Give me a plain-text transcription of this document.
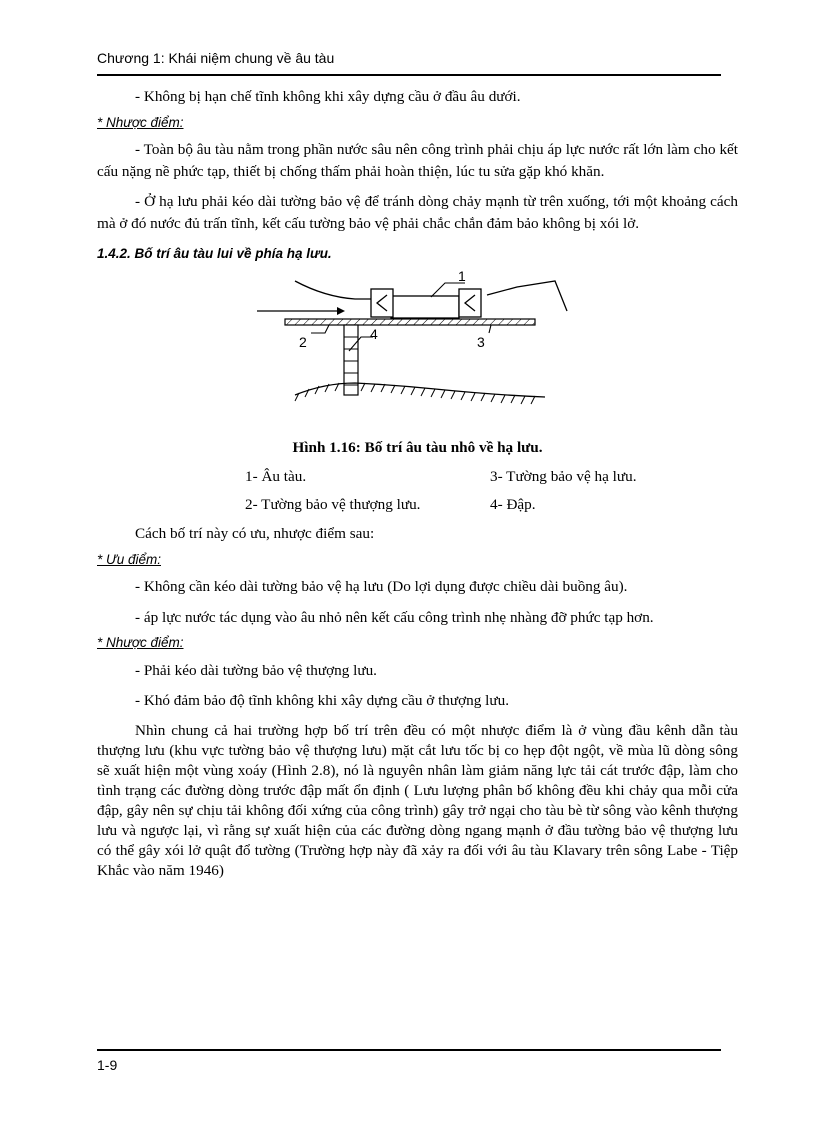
Chương 1: Khái niệm chung về âu tàu

- Không bị hạn chế tĩnh không khi xây dựng cầu ở đầu âu dưới.

* Nhược điểm:

- Toàn bộ âu tàu nằm trong phần nước sâu nên công trình phải chịu áp lực nước rất lớn làm cho kết cấu nặng nề phức tạp, thiết bị chống thấm phải hoàn thiện, lúc tu sửa gặp khó khăn.

- Ở hạ lưu phải kéo dài tường bảo vệ để tránh dòng chảy mạnh từ trên xuống, tới một khoảng cách mà ở đó nước đủ trấn tĩnh, kết cấu tường bảo vệ phải chắc chắn đảm bảo không bị xói lở.

1.4.2. Bố trí âu tàu lui về phía hạ lưu.
1
2	3
4
Hình 1.16: Bố trí âu tàu nhô về hạ lưu.
1- Âu tàu.	3- Tường bảo vệ hạ lưu.
2- Tường bảo vệ thượng lưu.	4- Đập.

Cách bố trí này có ưu, nhược điểm sau:

* Ưu điểm:

- Không cần kéo dài tường bảo vệ hạ lưu (Do lợi dụng được chiều dài buồng âu).

- áp lực nước tác dụng vào âu nhỏ nên kết cấu công trình nhẹ nhàng đỡ phức tạp hơn.

* Nhược điểm:

- Phải kéo dài tường bảo vệ thượng lưu.

- Khó đảm bảo độ tĩnh không khi xây dựng cầu ở thượng lưu.

Nhìn chung cả hai trường hợp bố trí trên đều có một nhược điểm là ở vùng đầu kênh dẫn tàu thượng lưu (khu vực tường bảo vệ thượng lưu) mặt cắt lưu tốc bị co hẹp đột ngột, về mùa lũ dòng sông sẽ xuất hiện một vùng xoáy (Hình 2.8), nó là nguyên nhân làm giảm năng lực tải cát trước đập, làm cho tình trạng các đường dòng trước đập mất ổn định ( Lưu lượng phân bố không đều khi chảy qua mỗi cửa đập, gây nên sự chịu tải không đối xứng của công trình) gây trở ngại cho tàu bè từ sông vào kênh thượng lưu và ngược lại, vì rằng sự xuất hiện của các đường dòng ngang mạnh ở đầu tường bảo vệ thượng lưu có thể gây xói lở quật đổ tường (Trường hợp này đã xảy ra đối với âu tàu Klavary trên sông Labe - Tiệp Khắc vào năm 1946)

1-9
